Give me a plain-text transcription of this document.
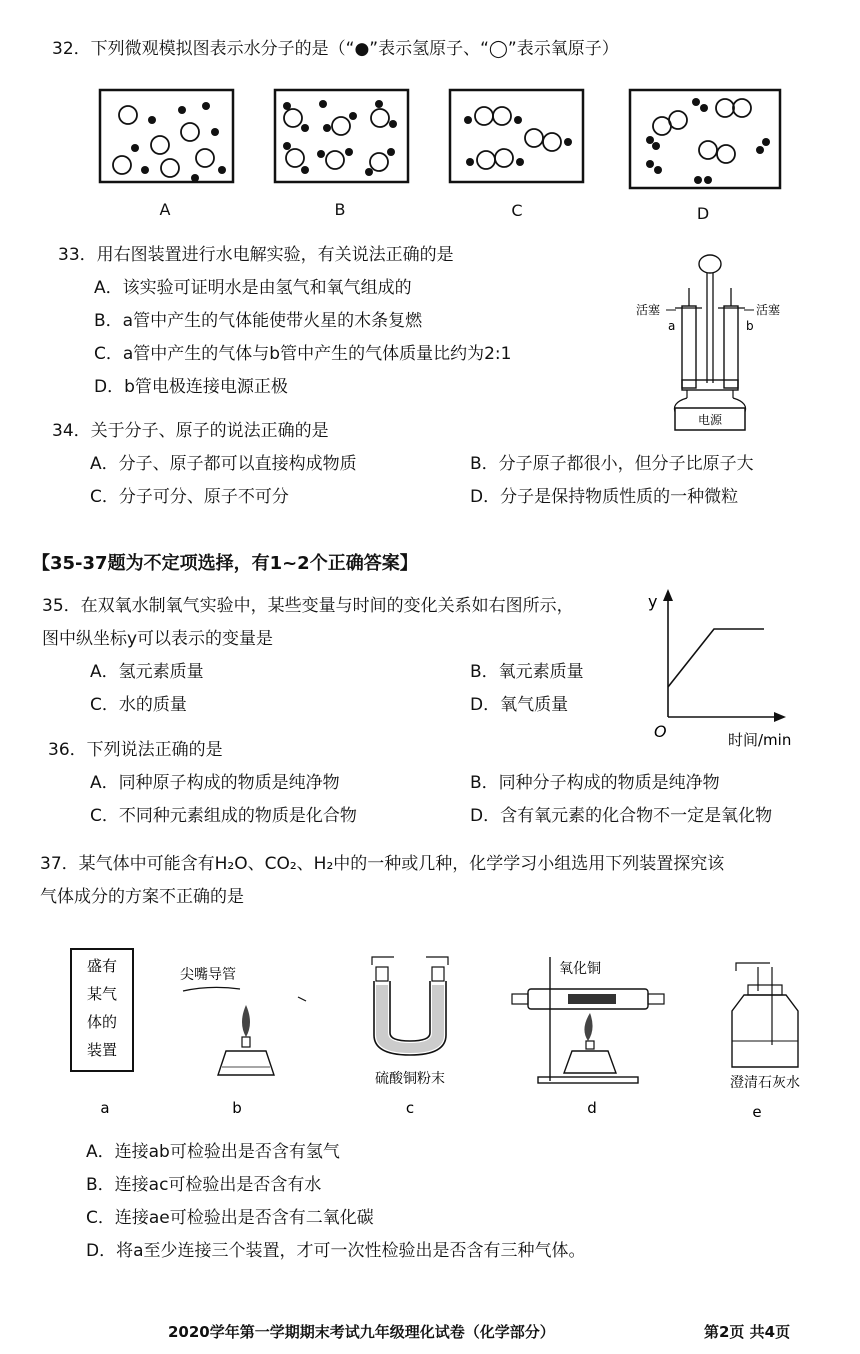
32．下列微观模拟图表示水分子的是（“●”表示氢原子、“◯”表示氧原子）
A	B	C	D
33．用右图装置进行水电解实验，有关说法正确的是
A．该实验可证明水是由氢气和氧气组成的
B．a管中产生的气体能使带火星的木条复燃
C．a管中产生的气体与b管中产生的气体质量比约为2:1
D．b管电极连接电源正极
电源
活塞	活塞
a	b
34．关于分子、原子的说法正确的是
A．分子、原子都可以直接构成物质	B．分子原子都很小，但分子比原子大
C．分子可分、原子不可分	D．分子是保持物质性质的一种微粒
【35-37题为不定项选择，有1~2个正确答案】
35．在双氧水制氧气实验中，某些变量与时间的变化关系如右图所示，
图中纵坐标y可以表示的变量是
A．氢元素质量	B．氧元素质量
C．水的质量	D．氧气质量
y
O	时间/min
36．下列说法正确的是
A．同种原子构成的物质是纯净物	B．同种分子构成的物质是纯净物
C．不同种元素组成的物质是化合物	D．含有氧元素的化合物不一定是氧化物
37．某气体中可能含有H₂O、CO₂、H₂中的一种或几种，化学学习小组选用下列装置探究该
气体成分的方案不正确的是
盛有
某气
体的
装置
尖嘴导管
硫酸铜粉末
氧化铜
澄清石灰水
a	b	c	d	e
A．连接ab可检验出是否含有氢气
B．连接ac可检验出是否含有水
C．连接ae可检验出是否含有二氧化碳
D．将a至少连接三个装置，才可一次性检验出是否含有三种气体。
2020学年第一学期期末考试九年级理化试卷（化学部分）	第2页 共4页
